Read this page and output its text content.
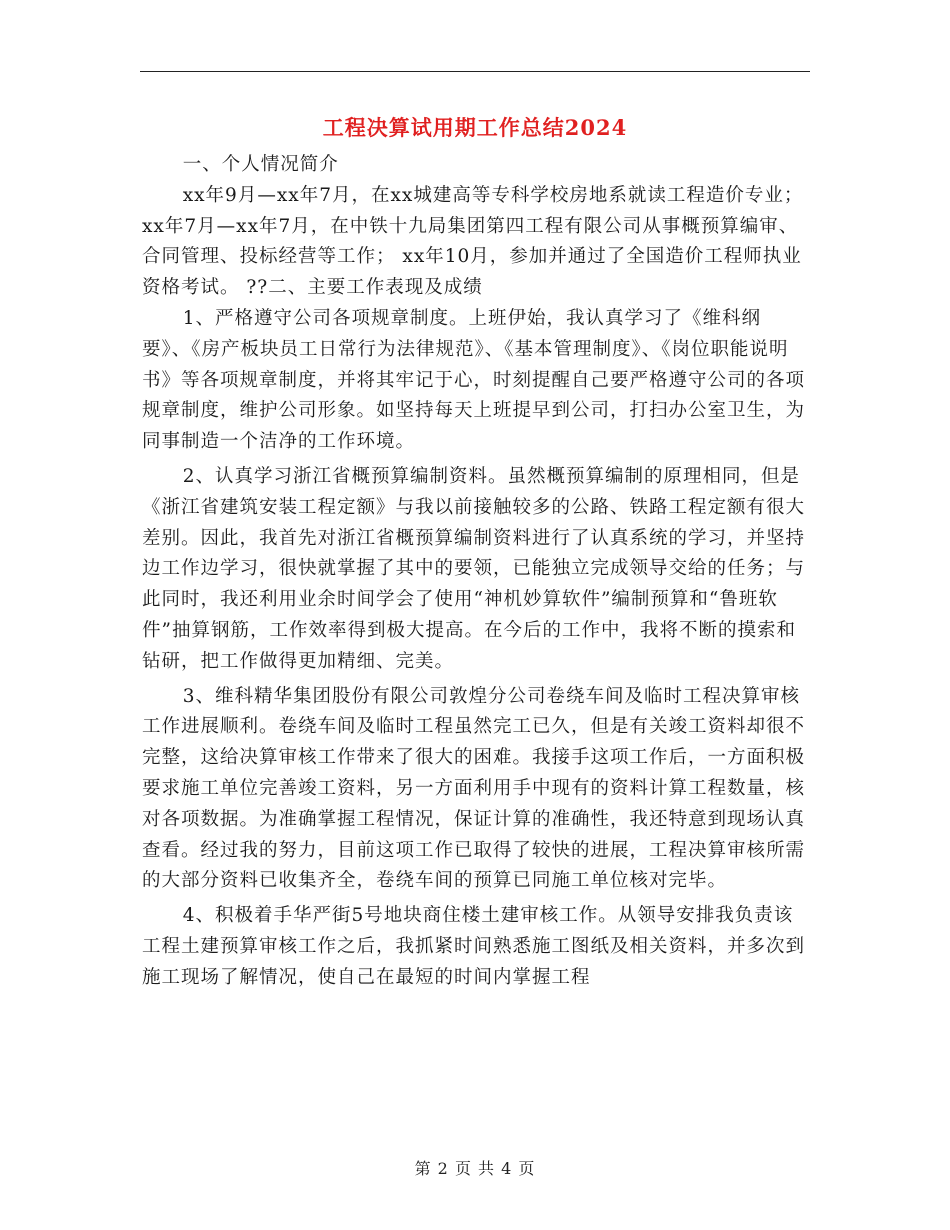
工程决算试用期工作总结2024

一、个人情况简介

xx年9月—xx年7月，在xx城建高等专科学校房地系就读工程造价专业； xx年7月—xx年7月，在中铁十九局集团第四工程有限公司从事概预算编审、合同管理、投标经营等工作； xx年10月，参加并通过了全国造价工程师执业资格考试。 ??二、主要工作表现及成绩

1、严格遵守公司各项规章制度。上班伊始，我认真学习了《维科纲要》、《房产板块员工日常行为法律规范》、《基本管理制度》、《岗位职能说明书》等各项规章制度，并将其牢记于心，时刻提醒自己要严格遵守公司的各项规章制度，维护公司形象。如坚持每天上班提早到公司，打扫办公室卫生，为同事制造一个洁净的工作环境。

2、认真学习浙江省概预算编制资料。虽然概预算编制的原理相同，但是《浙江省建筑安装工程定额》与我以前接触较多的公路、铁路工程定额有很大差别。因此，我首先对浙江省概预算编制资料进行了认真系统的学习，并坚持边工作边学习，很快就掌握了其中的要领，已能独立完成领导交给的任务；与此同时，我还利用业余时间学会了使用“神机妙算软件”编制预算和“鲁班软件”抽算钢筋，工作效率得到极大提高。在今后的工作中，我将不断的摸索和钻研，把工作做得更加精细、完美。

3、维科精华集团股份有限公司敦煌分公司卷绕车间及临时工程决算审核工作进展顺利。卷绕车间及临时工程虽然完工已久，但是有关竣工资料却很不完整，这给决算审核工作带来了很大的困难。我接手这项工作后，一方面积极要求施工单位完善竣工资料，另一方面利用手中现有的资料计算工程数量，核对各项数据。为准确掌握工程情况，保证计算的准确性，我还特意到现场认真查看。经过我的努力，目前这项工作已取得了较快的进展，工程决算审核所需的大部分资料已收集齐全，卷绕车间的预算已同施工单位核对完毕。

4、积极着手华严街5号地块商住楼土建审核工作。从领导安排我负责该工程土建预算审核工作之后，我抓紧时间熟悉施工图纸及相关资料，并多次到施工现场了解情况，使自己在最短的时间内掌握工程

第 2 页 共 4 页
